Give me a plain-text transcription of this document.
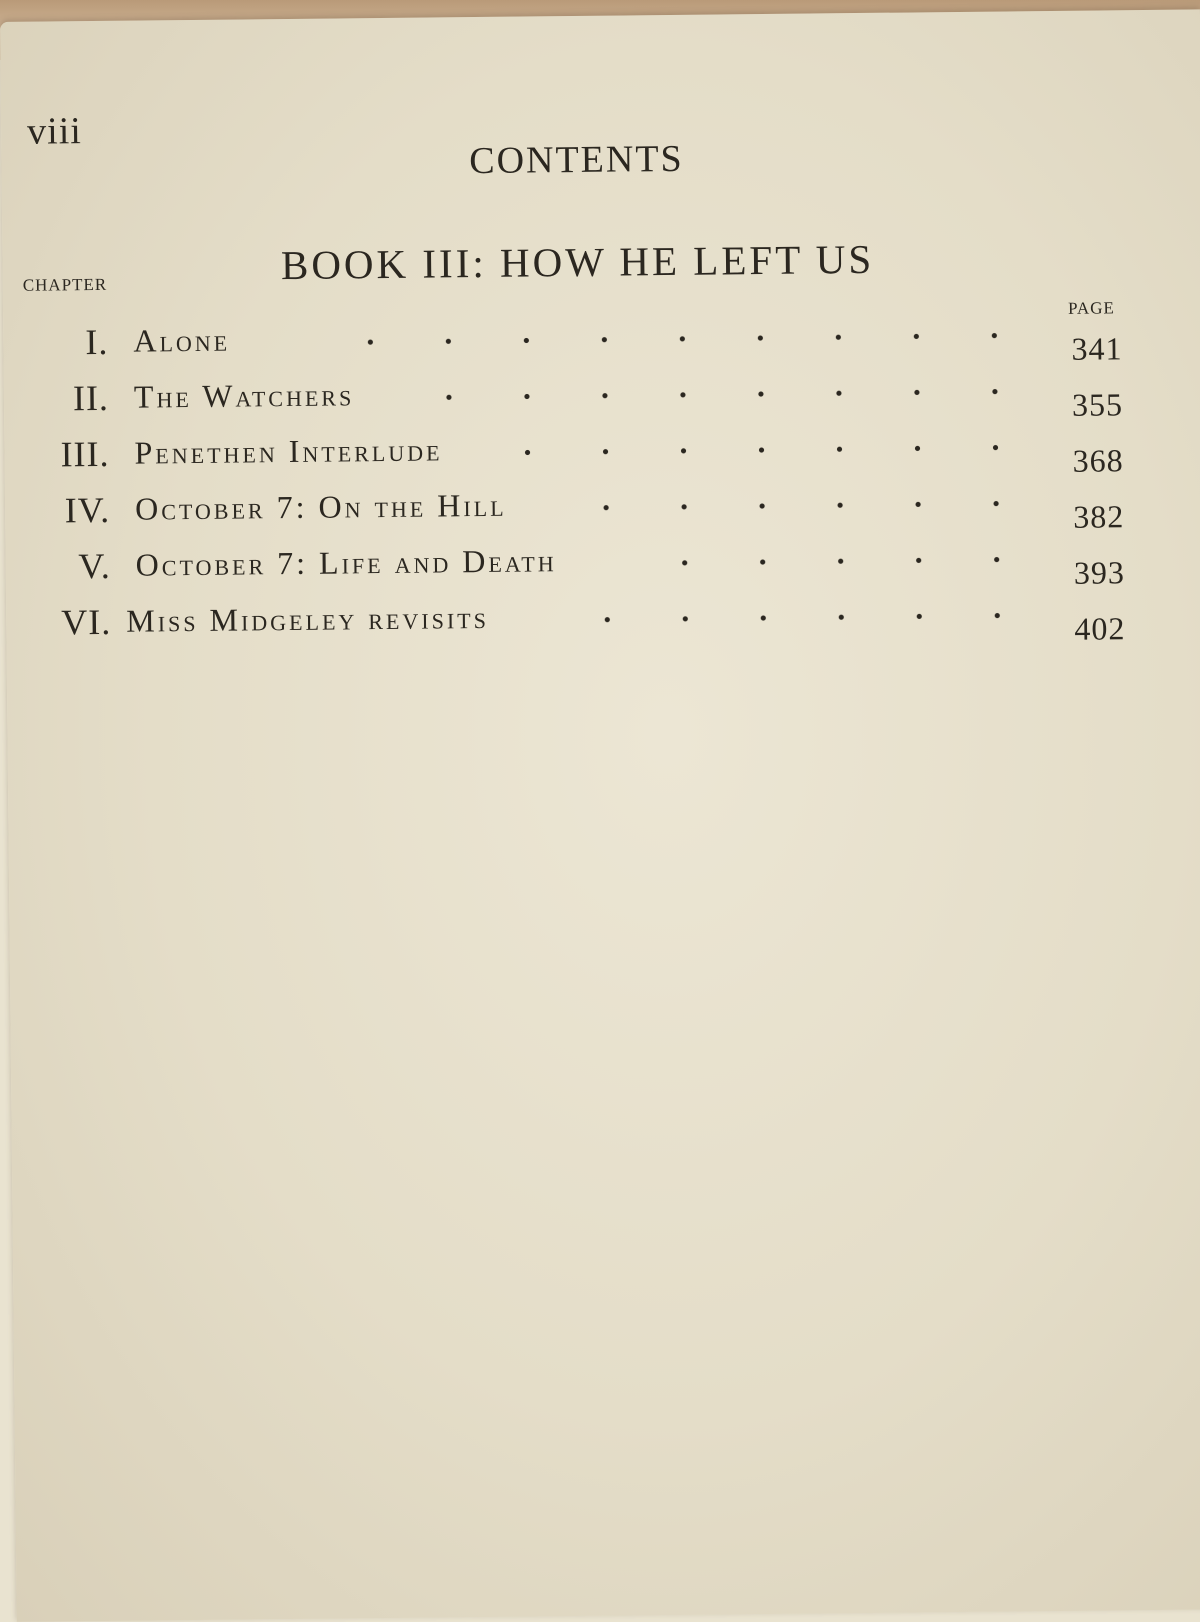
viii
CONTENTS
BOOK III: HOW HE LEFT US
CHAPTER
PAGE
I. Alone	341
II. The Watchers	355
III. Penethen Interlude	368
IV. October 7: On the Hill	382
V. October 7: Life and Death	393
VI. Miss Midgeley revisits	402
